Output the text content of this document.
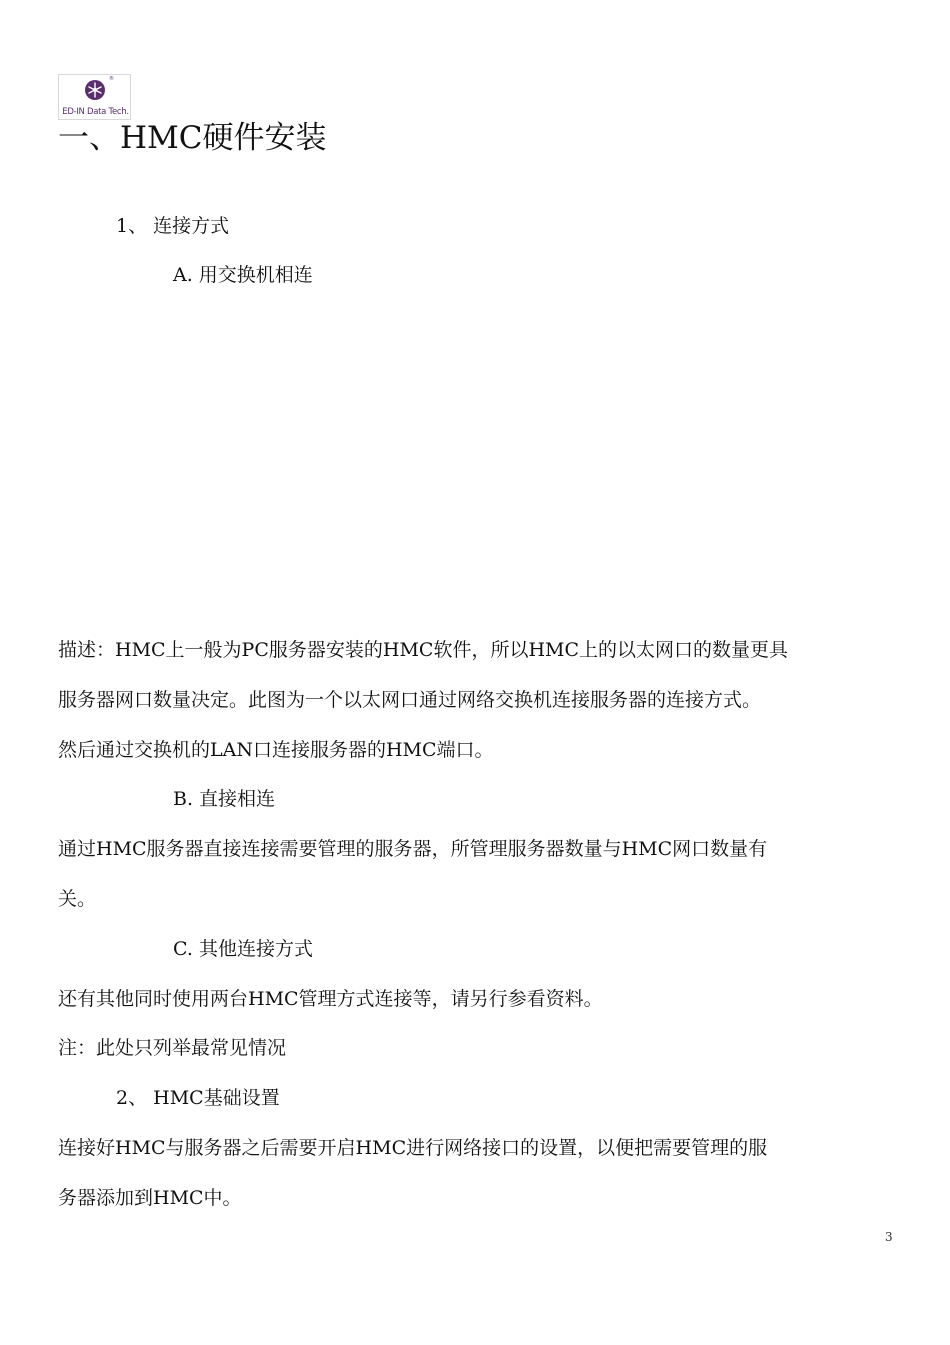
®
ED-IN Data Tech.
一、HMC硬件安装
1、 连接方式
A. 用交换机相连
描述：HMC上一般为PC服务器安装的HMC软件，所以HMC上的以太网口的数量更具
服务器网口数量决定。此图为一个以太网口通过网络交换机连接服务器的连接方式。
然后通过交换机的LAN口连接服务器的HMC端口。
B. 直接相连
通过HMC服务器直接连接需要管理的服务器，所管理服务器数量与HMC网口数量有
关。
C. 其他连接方式
还有其他同时使用两台HMC管理方式连接等，请另行参看资料。
注：此处只列举最常见情况
2、 HMC基础设置
连接好HMC与服务器之后需要开启HMC进行网络接口的设置，以便把需要管理的服
务器添加到HMC中。
3
